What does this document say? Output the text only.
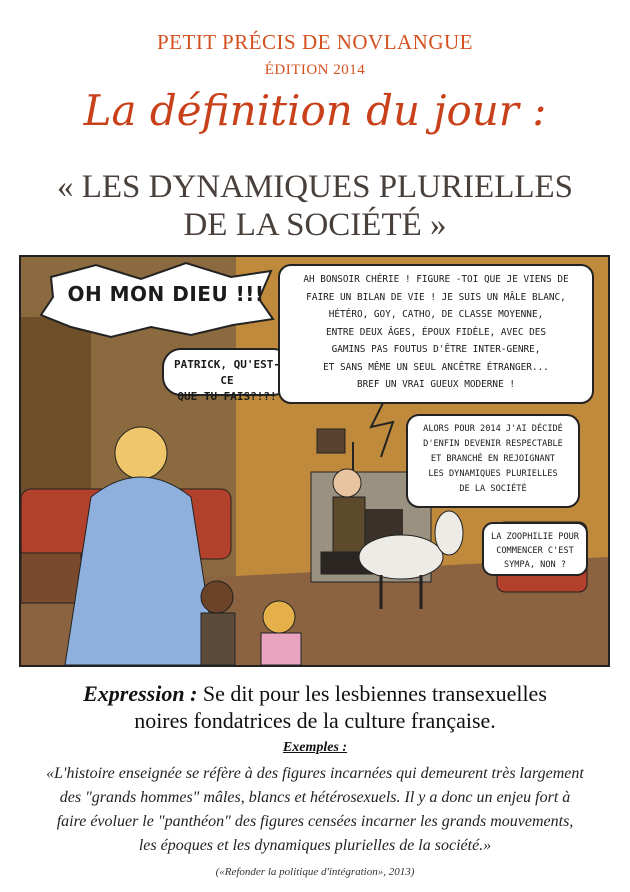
PETIT PRÉCIS DE NOVLANGUE
ÉDITION 2014
La définition du jour :
« LES DYNAMIQUES PLURIELLES
DE LA SOCIÉTÉ »
OH MON DIEU !!!
PATRICK, QU'EST-CE
QUE TU FAIS?!?!
AH BONSOIR CHÉRIE ! FIGURE -TOI QUE JE VIENS DE
FAIRE UN BILAN DE VIE ! JE SUIS UN MÂLE BLANC,
HÉTÉRO, GOY, CATHO, DE CLASSE MOYENNE,
ENTRE DEUX ÂGES, ÉPOUX FIDÈLE, AVEC DES
GAMINS PAS FOUTUS D'ÊTRE INTER-GENRE,
ET SANS MÊME UN SEUL ANCÊTRE ÉTRANGER...
BREF UN VRAI GUEUX MODERNE !
ALORS POUR 2014 J'AI DÉCIDÉ
D'ENFIN DEVENIR RESPECTABLE
ET BRANCHÉ EN REJOIGNANT
LES DYNAMIQUES PLURIELLES
DE LA SOCIÉTÉ
LA ZOOPHILIE POUR
COMMENCER C'EST
SYMPA, NON ?
Expression : Se dit pour les lesbiennes transexuelles
noires fondatrices de la culture française.
Exemples :
«L'histoire enseignée se réfère à des figures incarnées qui demeurent très largement
des "grands hommes" mâles, blancs et hétérosexuels. Il y a donc un enjeu fort à
faire évoluer le "panthéon" des figures censées incarner les grands mouvements,
les époques et les dynamiques plurielles de la société.»
(«Refonder la politique d'intégration», 2013)
